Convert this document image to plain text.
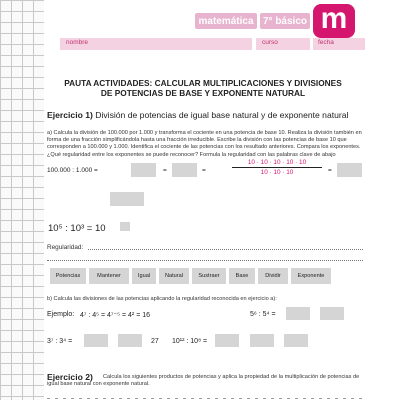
matemática 7° básico m
nombre	curso	fecha
PAUTA ACTIVIDADES: CALCULAR MULTIPLICACIONES Y DIVISIONES
DE POTENCIAS DE BASE Y EXPONENTE NATURAL
Ejercicio 1) División de potencias de igual base natural y de exponente natural
a) Calcula la división de 100.000 por 1.000 y transforma el cociente en una potencia de base 10. Realiza la división también en forma de una fracción simplificándola hasta una fracción irreducible. Escribe la división con las potencias de base 10 que corresponden a 100.000 y 1.000. Identifica el cociente de las potencias con los resultado anteriores. Compara los exponentes. ¿Qué regularidad entre los exponentes se puede reconocer? Formula la regularidad con las palabras clave de abajo
100.000 : 1.000 =	=	=	$\frac{10 \cdot 10 \cdot 10 \cdot 10 \cdot 10}{10 \cdot 10 \cdot 10}$ =
10⁵ : 10³ = 10
Regularidad:
Potencias	Mantener	Igual	Natural	Sustraer	Base	Dividir	Exponente
b) Calcula las divisiones de las potencias aplicando la regularidad reconocida en ejercicio a):
Ejemplo: 4⁷ : 4⁵ = 4⁷⁻⁵ = 4² = 16	5⁶ : 5⁴ =
3⁷ : 3⁴ =	27 10¹² : 10⁸ =
Ejercicio 2)	Calcula los siguientes productos de potencias y aplica la propiedad de la multiplicación de potencias de igual base natural con exponente natural.
